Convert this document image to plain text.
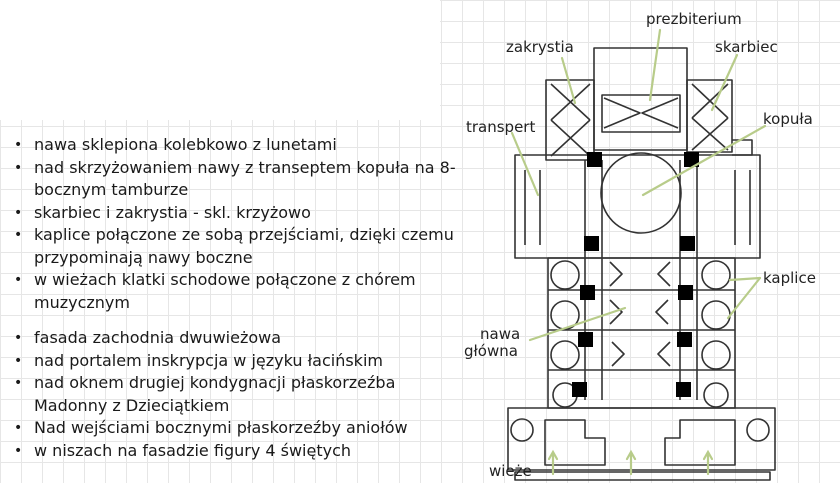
• nawa sklepiona kolebkowo z lunetami
• nad skrzyżowaniem nawy z transeptem kopuła na 8-bocznym tamburze
• skarbiec i zakrystia - skl. krzyżowo
• kaplice połączone ze sobą przejściami, dzięki czemu przypominają nawy boczne
• w wieżach klatki schodowe połączone z chórem muzycznym
• fasada zachodnia dwuwieżowa
• nad portalem inskrypcja w języku łacińskim
• nad oknem drugiej kondygnacji płaskorzeźba Madonny z Dzieciątkiem
• Nad wejściami bocznymi płaskorzeźby aniołów
• w niszach na fasadzie figury 4 świętych
prezbiterium
zakrystia	skarbiec
transpert	kopuła
kaplice
nawa
główna
wieże
